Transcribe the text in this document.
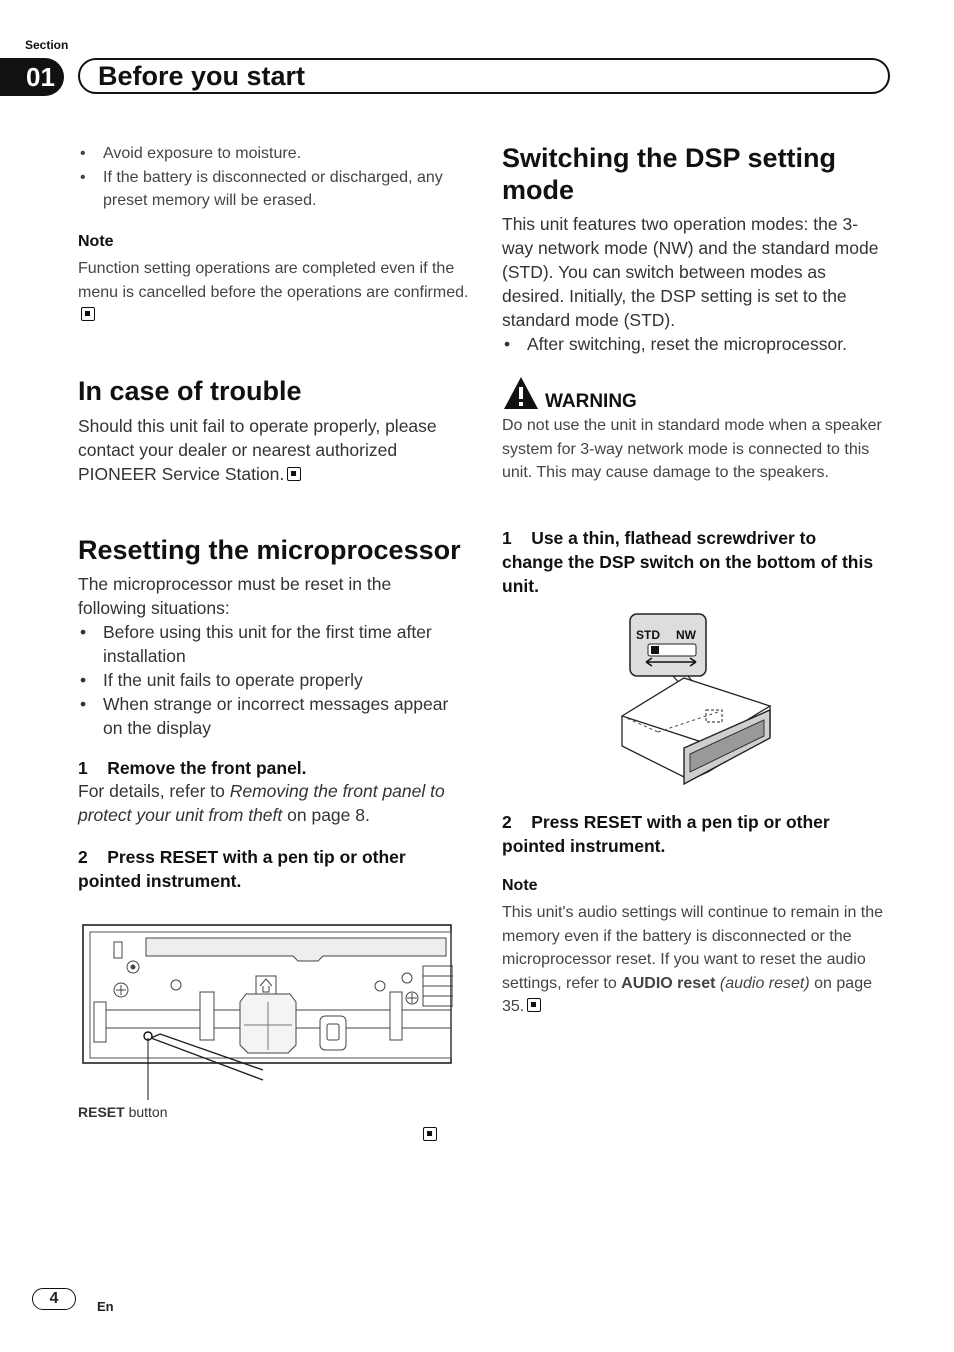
Section
01	Before you start
• Avoid exposure to moisture.
• If the battery is disconnected or discharged, any preset memory will be erased.
Note
Function setting operations are completed even if the menu is cancelled before the operations are confirmed.
In case of trouble
Should this unit fail to operate properly, please contact your dealer or nearest authorized PIONEER Service Station.
Resetting the microprocessor
The microprocessor must be reset in the following situations:
• Before using this unit for the first time after installation
• If the unit fails to operate properly
• When strange or incorrect messages appear on the display
1 Remove the front panel.
For details, refer to Removing the front panel to protect your unit from theft on page 8.
2 Press RESET with a pen tip or other pointed instrument.
RESET button
Switching the DSP setting mode
This unit features two operation modes: the 3-way network mode (NW) and the standard mode (STD). You can switch between modes as desired. Initially, the DSP setting is set to the standard mode (STD).
• After switching, reset the microprocessor.
WARNING
Do not use the unit in standard mode when a speaker system for 3-way network mode is connected to this unit. This may cause damage to the speakers.
1 Use a thin, flathead screwdriver to change the DSP switch on the bottom of this unit.
STD NW
2 Press RESET with a pen tip or other pointed instrument.
Note
This unit's audio settings will continue to remain in the memory even if the battery is disconnected or the microprocessor reset. If you want to reset the audio settings, refer to AUDIO reset (audio reset) on page 35.
4	En
